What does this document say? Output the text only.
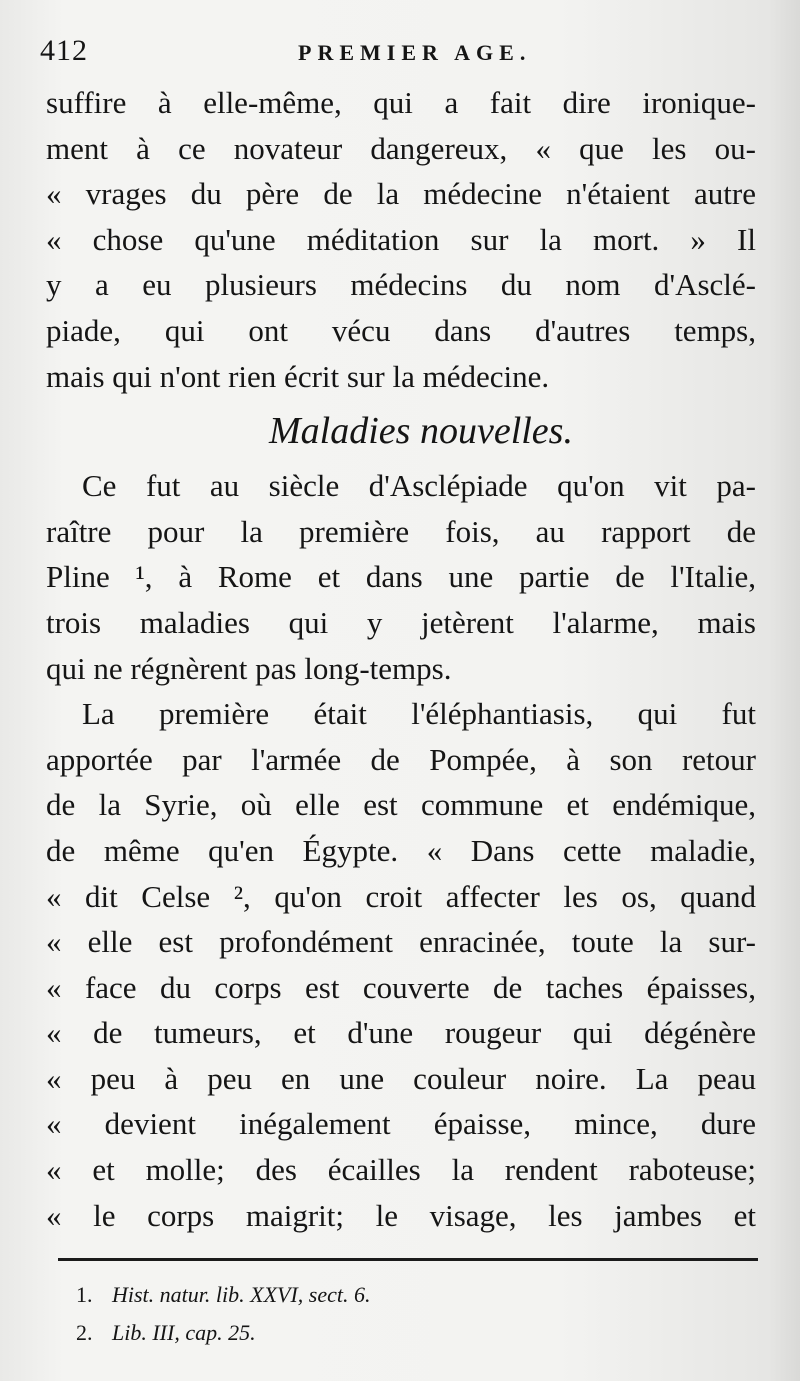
412	PREMIER AGE.
suffire à elle-même, qui a fait dire ironique-
ment à ce novateur dangereux, « que les ou-
« vrages du père de la médecine n'étaient autre
« chose qu'une méditation sur la mort. » Il
y a eu plusieurs médecins du nom d'Asclé-
piade, qui ont vécu dans d'autres temps,
mais qui n'ont rien écrit sur la médecine.
Maladies nouvelles.
Ce fut au siècle d'Asclépiade qu'on vit pa-
raître pour la première fois, au rapport de
Pline ¹, à Rome et dans une partie de l'Italie,
trois maladies qui y jetèrent l'alarme, mais
qui ne régnèrent pas long-temps.
La première était l'éléphantiasis, qui fut
apportée par l'armée de Pompée, à son retour
de la Syrie, où elle est commune et endémique,
de même qu'en Égypte. « Dans cette maladie,
« dit Celse ², qu'on croit affecter les os, quand
« elle est profondément enracinée, toute la sur-
« face du corps est couverte de taches épaisses,
« de tumeurs, et d'une rougeur qui dégénère
« peu à peu en une couleur noire. La peau
« devient inégalement épaisse, mince, dure
« et molle; des écailles la rendent raboteuse;
« le corps maigrit; le visage, les jambes et
1. Hist. natur. lib. XXVI, sect. 6.
2. Lib. III, cap. 25.
